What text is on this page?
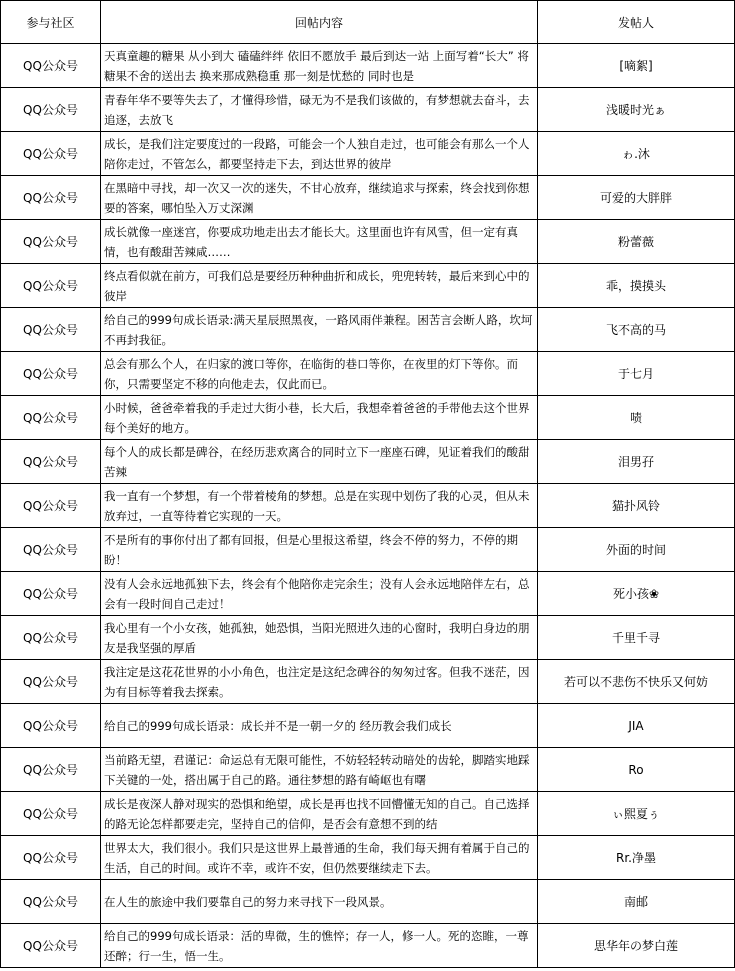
参与社区	回帖内容	发帖人
QQ公众号	天真童趣的糖果 从小到大 磕磕绊绊 依旧不愿放手 最后到达一站 上面写着“长大” 将糖果不舍的送出去 换来那成熟稳重 那一刻是忧愁的 同时也是	[嘀絮]
QQ公众号	青春年华不要等失去了，才懂得珍惜，碌无为不是我们该做的，有梦想就去奋斗，去追逐，去放飞	浅暖时光ぁ
QQ公众号	成长，是我们注定要度过的一段路，可能会一个人独自走过，也可能会有那么一个人陪你走过，不管怎么，都要坚持走下去，到达世界的彼岸	ゎ.沐
QQ公众号	在黑暗中寻找，却一次又一次的迷失，不甘心放弃，继续追求与探索，终会找到你想要的答案，哪怕坠入万丈深渊	可爱的大胖胖
QQ公众号	成长就像一座迷宫，你要成功地走出去才能长大。这里面也许有风雪，但一定有真情，也有酸甜苦辣咸……	粉蕾薇
QQ公众号	终点看似就在前方，可我们总是要经历种种曲折和成长，兜兜转转，最后来到心中的彼岸	乖，摸摸头
QQ公众号	给自己的999句成长语录:满天星辰照黑夜，一路风雨伴兼程。困苦言会断人路，坎坷不再封我征。	飞不高的马
QQ公众号	总会有那么个人，在归家的渡口等你，在临街的巷口等你，在夜里的灯下等你。而你，只需要坚定不移的向他走去，仅此而已。	于七月
QQ公众号	小时候，爸爸牵着我的手走过大街小巷，长大后，我想牵着爸爸的手带他去这个世界每个美好的地方。	啧
QQ公众号	每个人的成长都是碑谷，在经历悲欢离合的同时立下一座座石碑，见证着我们的酸甜苦辣	泪男孖
QQ公众号	我一直有一个梦想，有一个带着棱角的梦想。总是在实现中划伤了我的心灵，但从未放弃过，一直等待着它实现的一天。	猫扑风铃
QQ公众号	不是所有的事你付出了都有回报，但是心里报这希望，终会不停的努力，不停的期盼！	外面的时间
QQ公众号	没有人会永远地孤独下去，终会有个他陪你走完余生；没有人会永远地陪伴左右，总会有一段时间自己走过！	死小孩❀
QQ公众号	我心里有一个小女孩，她孤独，她恐惧，当阳光照进久违的心窗时，我明白身边的朋友是我坚强的厚盾	千里千寻
QQ公众号	我注定是这花花世界的小小角色，也注定是这纪念碑谷的匆匆过客。但我不迷茫，因为有目标等着我去探索。	若可以不悲伤不快乐又何妨
QQ公众号	给自己的999句成长语录：成长并不是一朝一夕的 经历教会我们成长	JIA
QQ公众号	当前路无望，君谨记：命运总有无限可能性，不妨轻轻转动暗处的齿轮，脚踏实地踩下关键的一处，搭出属于自己的路。通往梦想的路有崎岖也有曙	Ro
QQ公众号	成长是夜深人静对现实的恐惧和绝望，成长是再也找不回懵懂无知的自己。自己选择的路无论怎样都要走完，坚持自己的信仰，是否会有意想不到的结	ぃ熙夏ぅ
QQ公众号	世界太大，我们很小。我们只是这世界上最普通的生命，我们每天拥有着属于自己的生活，自己的时间。或许不幸，或许不安，但仍然要继续走下去。	Rr.净墨
QQ公众号	在人生的旅途中我们要靠自己的努力来寻找下一段风景。	南邮
QQ公众号	给自己的999句成长语录：活的卑微，生的憔悴；存一人，修一人。死的恣睢，一尊还醉；行一生，悟一生。	思华年の梦白莲
